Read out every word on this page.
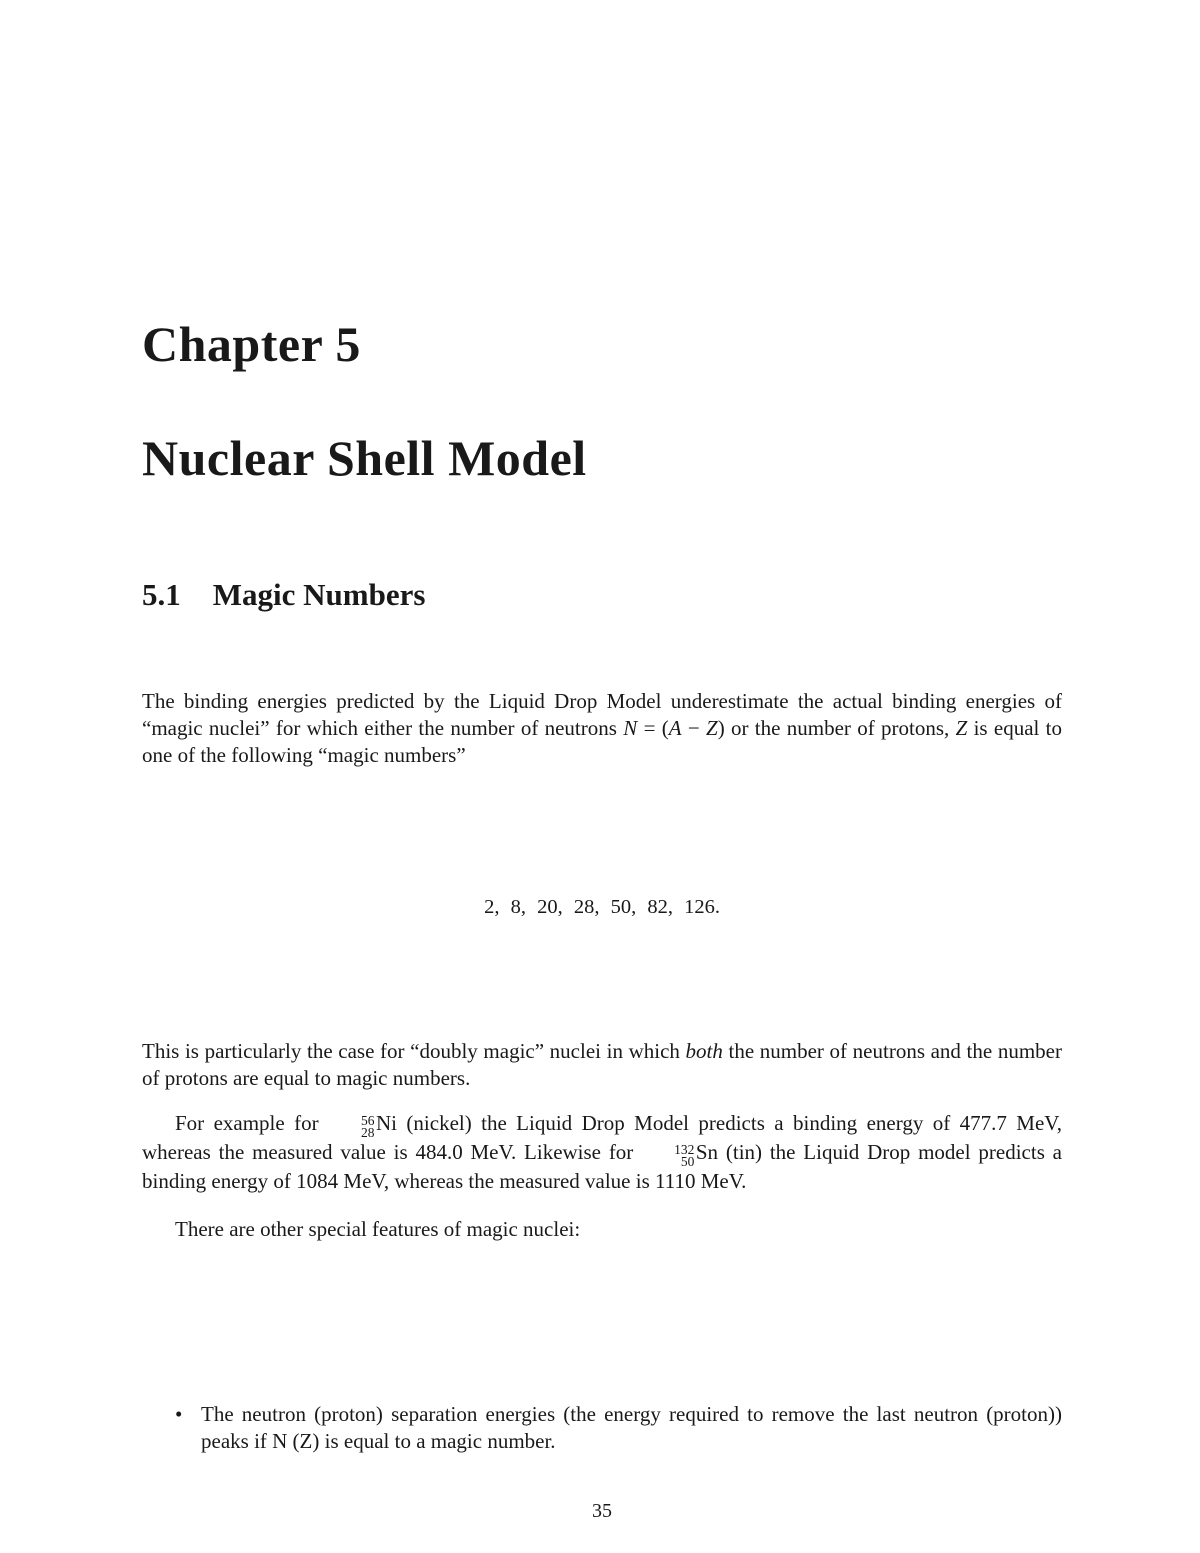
Chapter 5
Nuclear Shell Model
5.1 Magic Numbers

The binding energies predicted by the Liquid Drop Model underestimate the actual binding energies of “magic nuclei” for which either the number of neutrons N = (A − Z) or the number of protons, Z is equal to one of the following “magic numbers”

2, 8, 20, 28, 50, 82, 126.

This is particularly the case for “doubly magic” nuclei in which both the number of neutrons and the number of protons are equal to magic numbers.

For example for	56
28 Ni (nickel) the Liquid Drop Model predicts a binding energy of 477.7 MeV, whereas the measured value is 484.0 MeV. Likewise for	132
50 Sn (tin) the Liquid Drop model predicts a binding energy of 1084 MeV, whereas the measured value is 1110 MeV.

There are other special features of magic nuclei:

• The neutron (proton) separation energies (the energy required to remove the last neutron (proton)) peaks if N (Z) is equal to a magic number.
35
